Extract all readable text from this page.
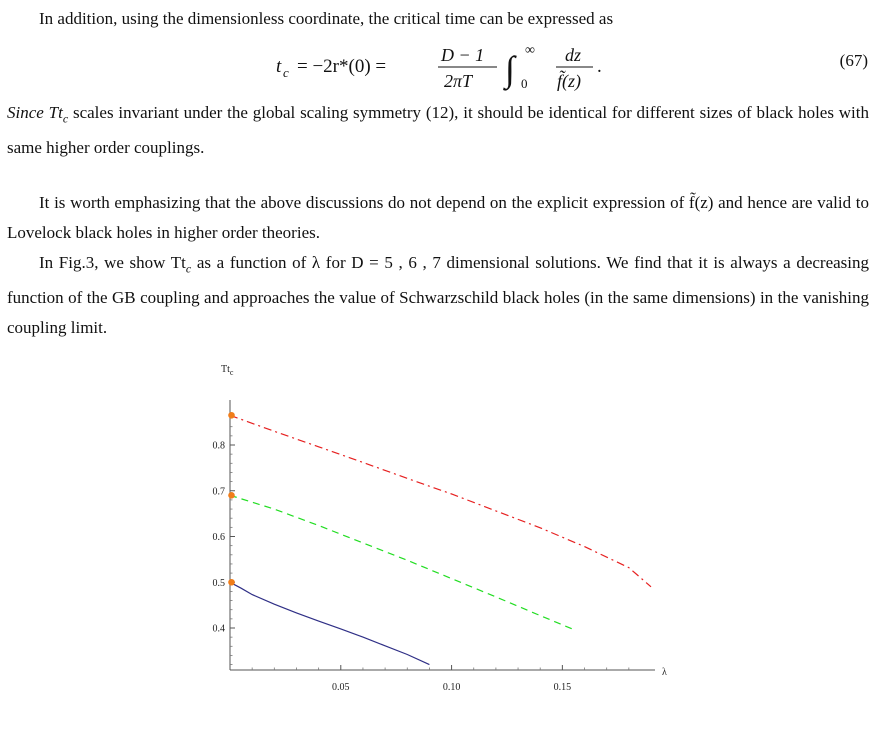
In addition, using the dimensionless coordinate, the critical time can be expressed as
t c = −2r*(0) =
D − 1
2πT ∫ ∞
0
dz
f̃(z)
.	(67)
Since $Tt_c$ scales invariant under the global scaling symmetry (12), it should be identical for different sizes of black holes with same higher order couplings.
It is worth emphasizing that the above discussions do not depend on the explicit expression of f̃(z) and hence are valid to Lovelock black holes in higher order theories.
In Fig.3, we show $Tt_c$ as a function of λ for D = 5 , 6 , 7 dimensional solutions. We find that it is always a decreasing function of the GB coupling and approaches the value of Schwarzschild black holes (in the same dimensions) in the vanishing coupling limit.
0.4
0.5
0.6
0.7
0.8
0.05	0.10	0.15
$Tt_c$
λ
